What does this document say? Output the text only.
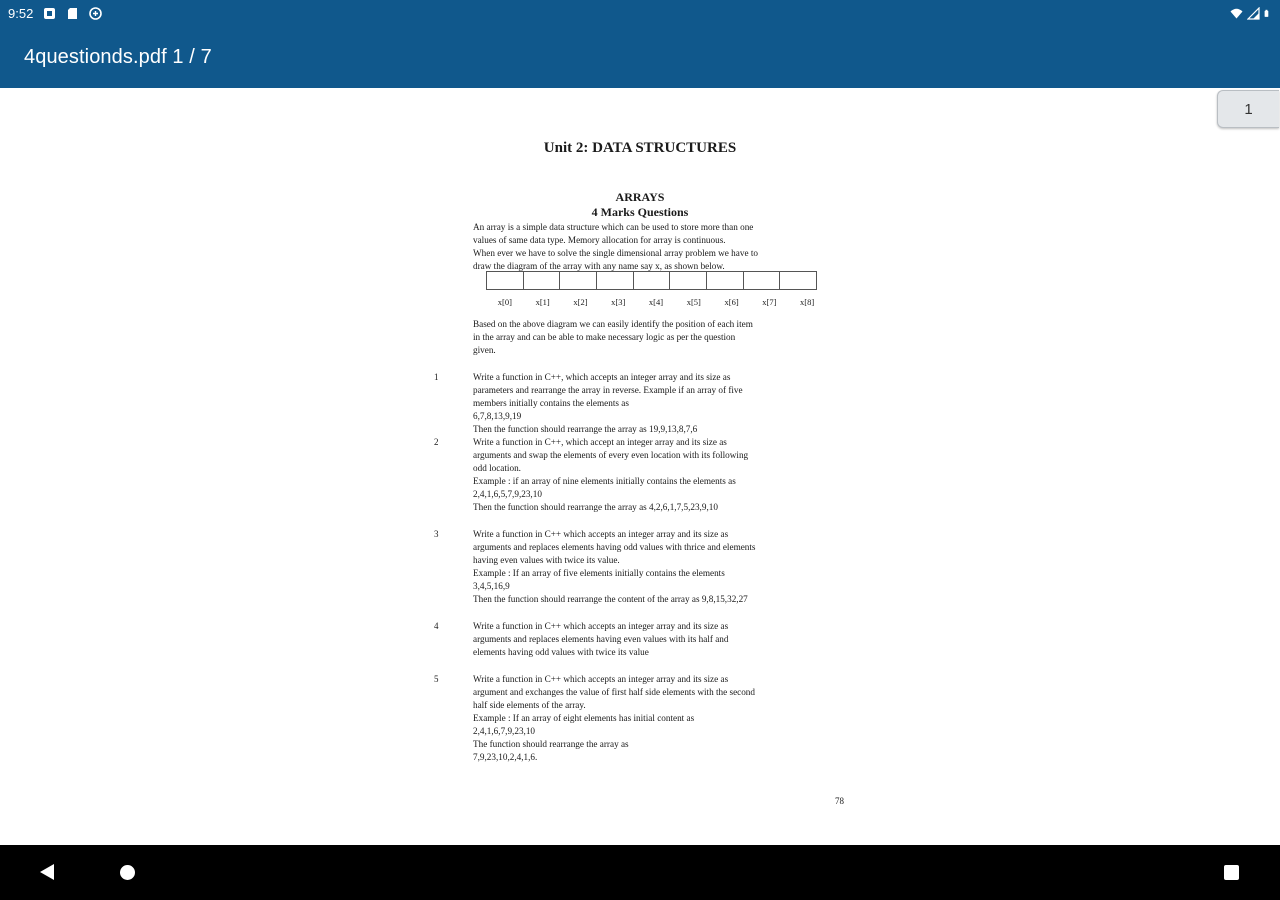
9:52
4questionds.pdf 1 / 7
Unit 2: DATA STRUCTURES
ARRAYS
4 Marks Questions
An array is a simple data structure which can be used to store more than one
values of same data type. Memory allocation for array is continuous.
When ever we have to solve the single dimensional array problem we have to
draw the diagram of the array with any name say x, as shown below.
x[0]	x[1]	x[2]	x[3]	x[4]	x[5]	x[6]	x[7]	x[8]
Based on the above diagram we can easily identify the position of each item
in the array and can be able to make necessary logic as per the question
given.
1	Write a function in C++, which accepts an integer array and its size as
parameters and rearrange the array in reverse. Example if an array of five
members initially contains the elements as
6,7,8,13,9,19
Then the function should rearrange the array as 19,9,13,8,7,6
2	Write a function in C++, which accept an integer array and its size as
arguments and swap the elements of every even location with its following
odd location.
Example : if an array of nine elements initially contains the elements as
2,4,1,6,5,7,9,23,10
Then the function should rearrange the array as 4,2,6,1,7,5,23,9,10
3	Write a function in C++ which accepts an integer array and its size as
arguments and replaces elements having odd values with thrice and elements
having even values with twice its value.
Example : If an array of five elements initially contains the elements
3,4,5,16,9
Then the function should rearrange the content of the array as 9,8,15,32,27
4	Write a function in C++ which accepts an integer array and its size as
arguments and replaces elements having even values with its half and
elements having odd values with twice its value
5	Write a function in C++ which accepts an integer array and its size as
argument and exchanges the value of first half side elements with the second
half side elements of the array.
Example : If an array of eight elements has initial content as
2,4,1,6,7,9,23,10
The function should rearrange the array as
7,9,23,10,2,4,1,6.
78
1
